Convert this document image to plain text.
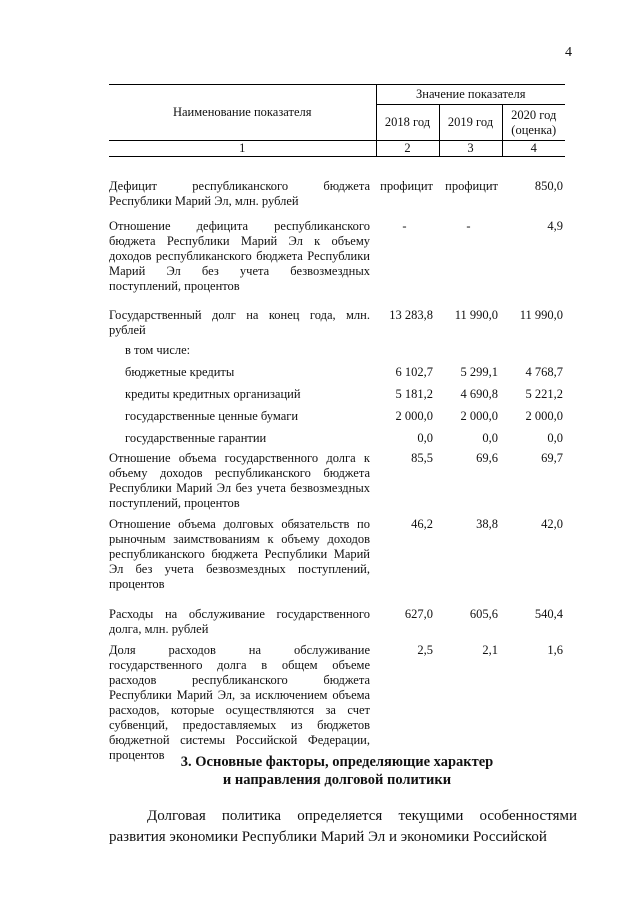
4
Наименование показателя	Значение показателя		
	2018 год	2019 год	2020 год (оценка)
1	2	3	4
Дефицит республиканского бюджета Республики Марий Эл, млн. рублей	профицит	профицит	850,0
Отношение дефицита республиканского бюджета Республики Марий Эл к объему доходов республиканского бюджета Республики Марий Эл без учета безвозмездных поступлений, процентов	-	-	4,9
Государственный долг на конец года, млн. рублей	13 283,8	11 990,0	11 990,0
в том числе:			
бюджетные кредиты	6 102,7	5 299,1	4 768,7
кредиты кредитных организаций	5 181,2	4 690,8	5 221,2
государственные ценные бумаги	2 000,0	2 000,0	2 000,0
государственные гарантии	0,0	0,0	0,0
Отношение объема государственного долга к объему доходов республиканского бюджета Республики Марий Эл без учета безвозмездных поступлений, процентов	85,5	69,6	69,7
Отношение объема долговых обязательств по рыночным заимствованиям к объему доходов республиканского бюджета Республики Марий Эл без учета безвозмездных поступлений, процентов	46,2	38,8	42,0
Расходы на обслуживание государственного долга, млн. рублей	627,0	605,6	540,4
Доля расходов на обслуживание государственного долга в общем объеме расходов республиканского бюджета Республики Марий Эл, за исключением объема расходов, которые осуществляются за счет субвенций, предоставляемых из бюджетов бюджетной системы Российской Федерации, процентов	2,5	2,1	1,6
3. Основные факторы, определяющие характер
и направления долговой политики
Долговая политика определяется текущими особенностями развития экономики Республики Марий Эл и экономики Российской
